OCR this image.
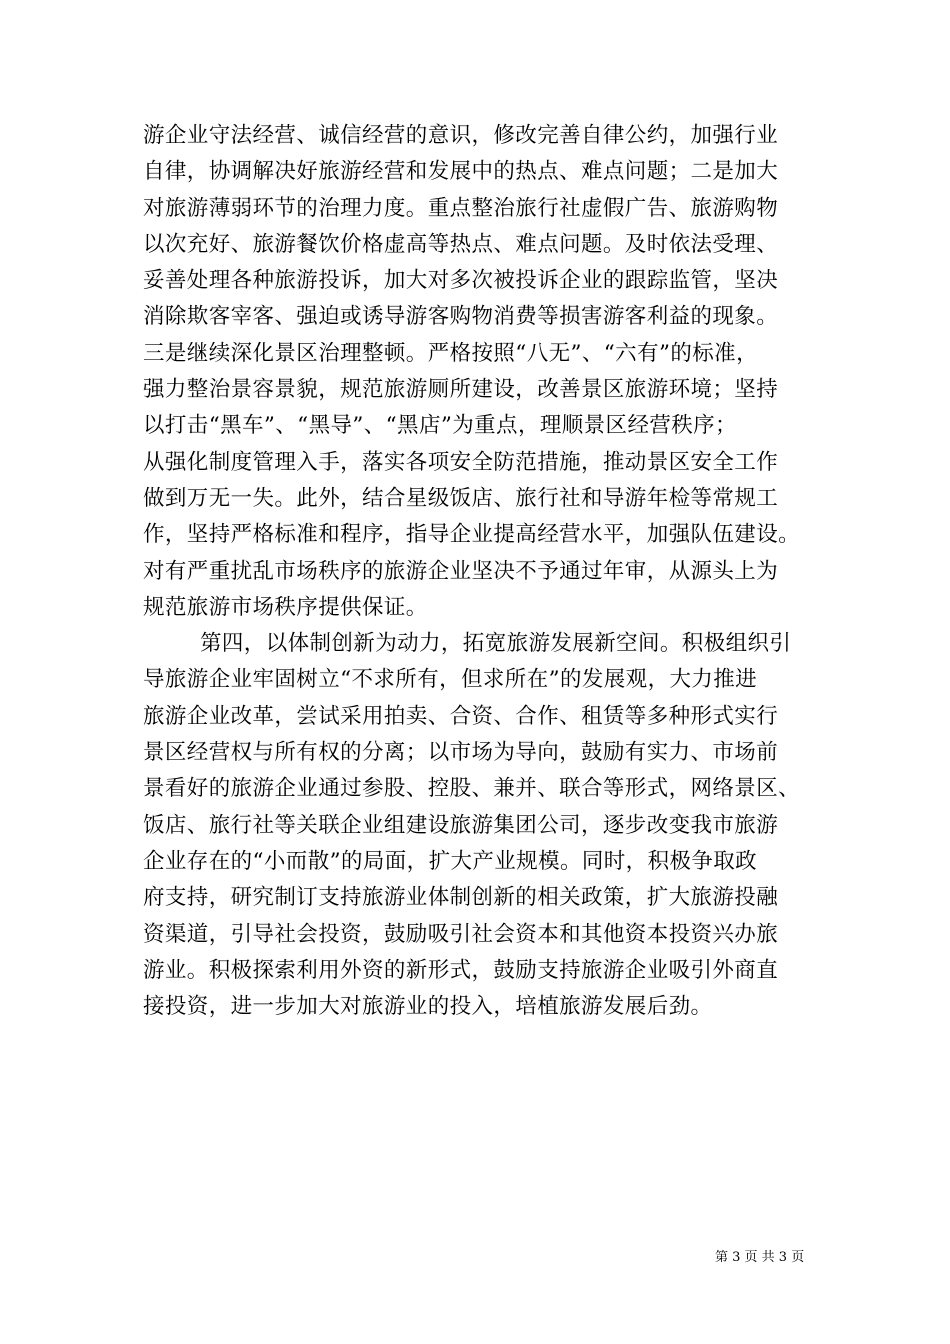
游企业守法经营、诚信经营的意识，修改完善自律公约，加强行业
自律，协调解决好旅游经营和发展中的热点、难点问题；二是加大
对旅游薄弱环节的治理力度。重点整治旅行社虚假广告、旅游购物
以次充好、旅游餐饮价格虚高等热点、难点问题。及时依法受理、
妥善处理各种旅游投诉，加大对多次被投诉企业的跟踪监管，坚决
消除欺客宰客、强迫或诱导游客购物消费等损害游客利益的现象。
三是继续深化景区治理整顿。严格按照“八无”、“六有”的标准，
强力整治景容景貌，规范旅游厕所建设，改善景区旅游环境；坚持
以打击“黑车”、“黑导”、“黑店”为重点，理顺景区经营秩序；
从强化制度管理入手，落实各项安全防范措施，推动景区安全工作
做到万无一失。此外，结合星级饭店、旅行社和导游年检等常规工
作，坚持严格标准和程序，指导企业提高经营水平，加强队伍建设。
对有严重扰乱市场秩序的旅游企业坚决不予通过年审，从源头上为
规范旅游市场秩序提供保证。
第四，以体制创新为动力，拓宽旅游发展新空间。积极组织引
导旅游企业牢固树立“不求所有，但求所在”的发展观，大力推进
旅游企业改革，尝试采用拍卖、合资、合作、租赁等多种形式实行
景区经营权与所有权的分离；以市场为导向，鼓励有实力、市场前
景看好的旅游企业通过参股、控股、兼并、联合等形式，网络景区、
饭店、旅行社等关联企业组建设旅游集团公司，逐步改变我市旅游
企业存在的“小而散”的局面，扩大产业规模。同时，积极争取政
府支持，研究制订支持旅游业体制创新的相关政策，扩大旅游投融
资渠道，引导社会投资，鼓励吸引社会资本和其他资本投资兴办旅
游业。积极探索利用外资的新形式，鼓励支持旅游企业吸引外商直
接投资，进一步加大对旅游业的投入，培植旅游发展后劲。
第 3 页 共 3 页
